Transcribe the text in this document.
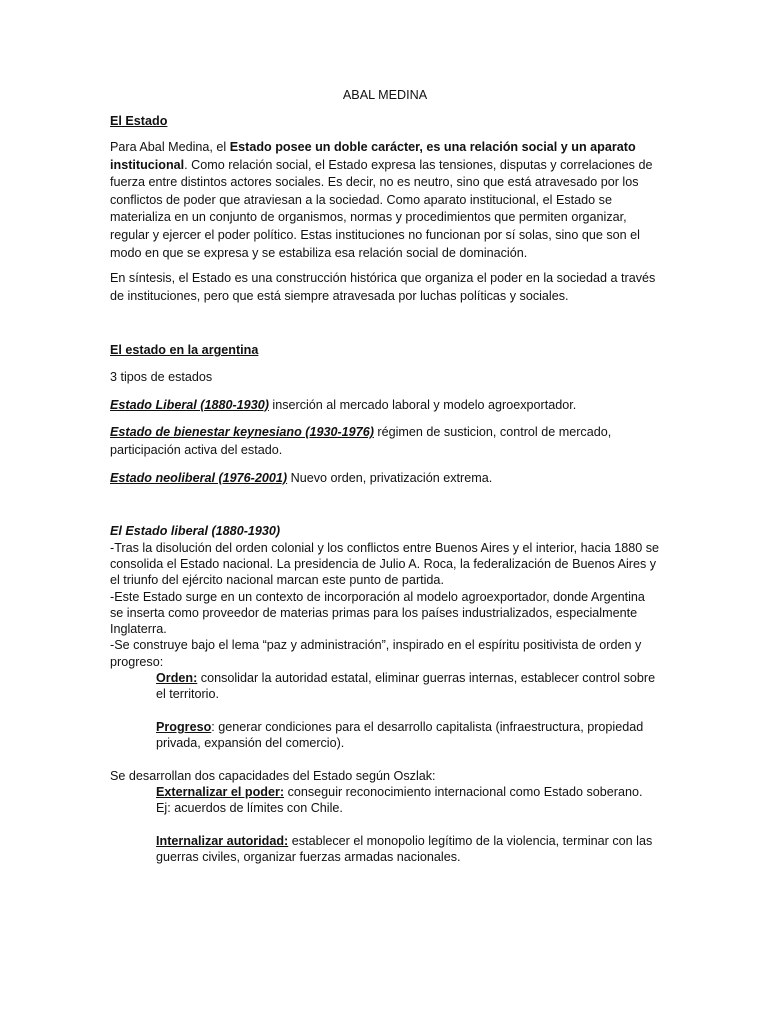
ABAL MEDINA
El Estado

Para Abal Medina, el Estado posee un doble carácter, es una relación social y un aparato institucional. Como relación social, el Estado expresa las tensiones, disputas y correlaciones de fuerza entre distintos actores sociales. Es decir, no es neutro, sino que está atravesado por los conflictos de poder que atraviesan a la sociedad. Como aparato institucional, el Estado se materializa en un conjunto de organismos, normas y procedimientos que permiten organizar, regular y ejercer el poder político. Estas instituciones no funcionan por sí solas, sino que son el modo en que se expresa y se estabiliza esa relación social de dominación.

En síntesis, el Estado es una construcción histórica que organiza el poder en la sociedad a través de instituciones, pero que está siempre atravesada por luchas políticas y sociales.

El estado en la argentina
3 tipos de estados
Estado Liberal (1880-1930) inserción al mercado laboral y modelo agroexportador.
Estado de bienestar keynesiano (1930-1976) régimen de susticion, control de mercado, participación activa del estado.
Estado neoliberal (1976-2001) Nuevo orden, privatización extrema.
El Estado liberal (1880-1930)
-Tras la disolución del orden colonial y los conflictos entre Buenos Aires y el interior, hacia 1880 se consolida el Estado nacional. La presidencia de Julio A. Roca, la federalización de Buenos Aires y el triunfo del ejército nacional marcan este punto de partida.
-Este Estado surge en un contexto de incorporación al modelo agroexportador, donde Argentina se inserta como proveedor de materias primas para los países industrializados, especialmente Inglaterra.
-Se construye bajo el lema “paz y administración”, inspirado en el espíritu positivista de orden y progreso:
Orden: consolidar la autoridad estatal, eliminar guerras internas, establecer control sobre el territorio.
Progreso: generar condiciones para el desarrollo capitalista (infraestructura, propiedad privada, expansión del comercio).
Se desarrollan dos capacidades del Estado según Oszlak:
Externalizar el poder: conseguir reconocimiento internacional como Estado soberano.
Ej: acuerdos de límites con Chile.
Internalizar autoridad: establecer el monopolio legítimo de la violencia, terminar con las guerras civiles, organizar fuerzas armadas nacionales.
